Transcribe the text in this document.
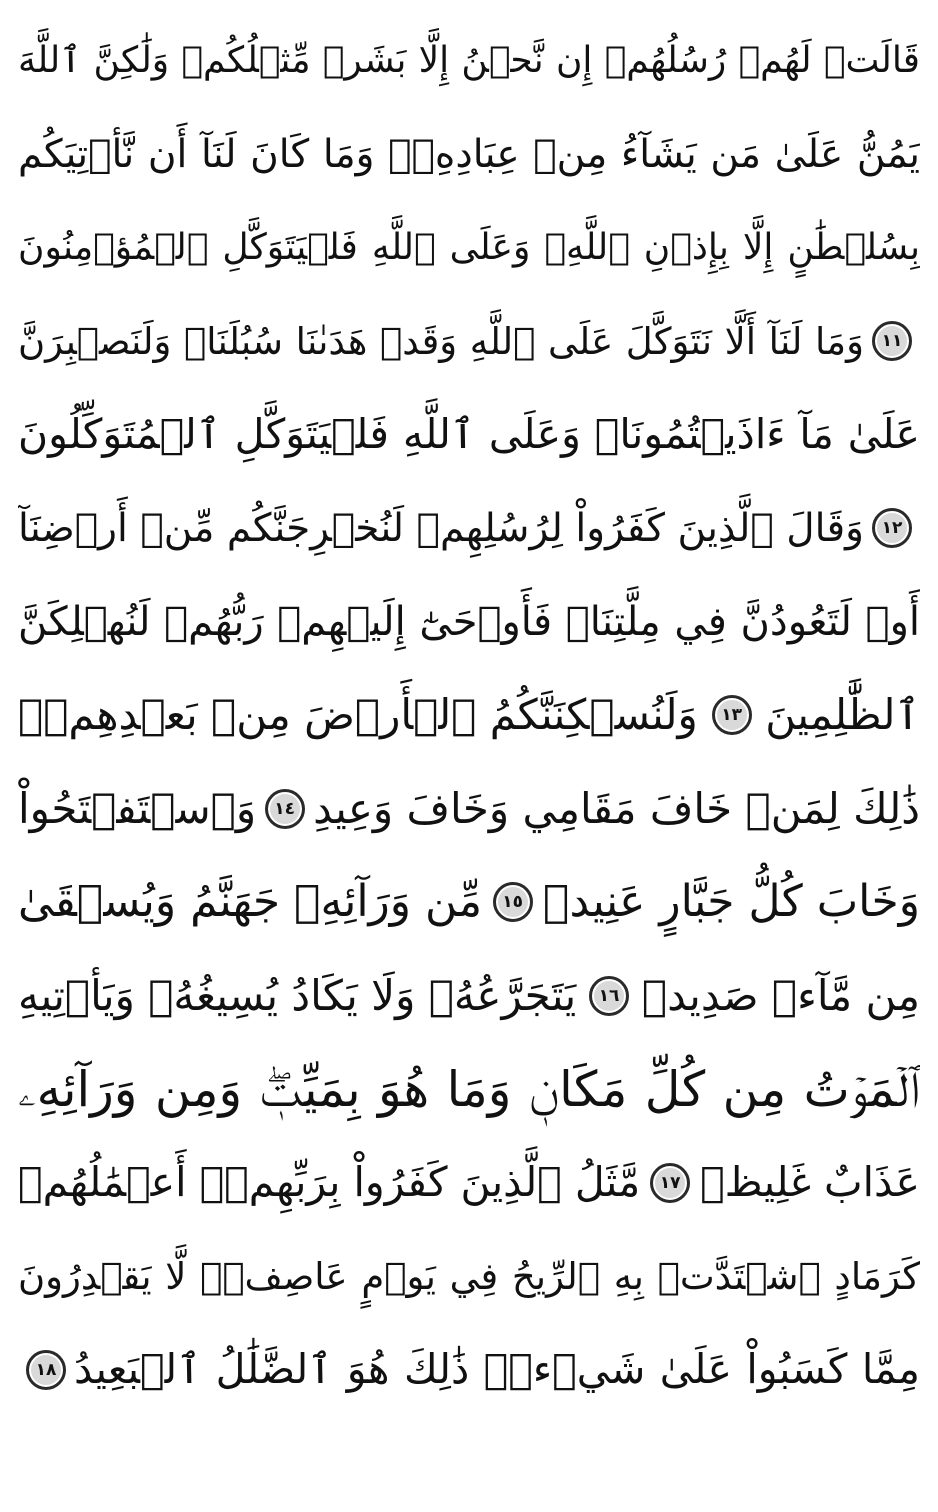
قَالَتۡ لَهُمۡ رُسُلُهُمۡ إِن نَّحۡنُ إِلَّا بَشَرٞ مِّثۡلُكُمۡ وَلَٰكِنَّ ٱللَّهَ
يَمُنُّ عَلَىٰ مَن يَشَآءُ مِنۡ عِبَادِهِۦۖ وَمَا كَانَ لَنَآ أَن نَّأۡتِيَكُم
بِسُلۡطَٰنٍ إِلَّا بِإِذۡنِ ٱللَّهِۚ وَعَلَى ٱللَّهِ فَلۡيَتَوَكَّلِ ٱلۡمُؤۡمِنُونَ
١١
وَمَا لَنَآ أَلَّا نَتَوَكَّلَ عَلَى ٱللَّهِ وَقَدۡ هَدَىٰنَا سُبُلَنَاۚ وَلَنَصۡبِرَنَّ
عَلَىٰ مَآ ءَاذَيۡتُمُونَاۚ وَعَلَى ٱللَّهِ فَلۡيَتَوَكَّلِ ٱلۡمُتَوَكِّلُونَ
١٢
وَقَالَ ٱلَّذِينَ كَفَرُواْ لِرُسُلِهِمۡ لَنُخۡرِجَنَّكُم مِّنۡ أَرۡضِنَآ
أَوۡ لَتَعُودُنَّ فِي مِلَّتِنَاۖ فَأَوۡحَىٰٓ إِلَيۡهِمۡ رَبُّهُمۡ لَنُهۡلِكَنَّ
ٱلظَّٰلِمِينَ
١٣
وَلَنُسۡكِنَنَّكُمُ ٱلۡأَرۡضَ مِنۢ بَعۡدِهِمۡۚ
ذَٰلِكَ لِمَنۡ خَافَ مَقَامِي وَخَافَ وَعِيدِ
١٤
وَٱسۡتَفۡتَحُواْ
وَخَابَ كُلُّ جَبَّارٍ عَنِيدٖ
١٥
مِّن وَرَآئِهِۦ جَهَنَّمُ وَيُسۡقَىٰ
مِن مَّآءٖ صَدِيدٖ
١٦
يَتَجَرَّعُهُۥ وَلَا يَكَادُ يُسِيغُهُۥ وَيَأۡتِيهِ
ٱلۡمَوۡتُ مِن كُلِّ مَكَانٖ وَمَا هُوَ بِمَيِّتٖۖ وَمِن وَرَآئِهِۦ
عَذَابٌ غَلِيظٞ
١٧
مَّثَلُ ٱلَّذِينَ كَفَرُواْ بِرَبِّهِمۡۖ أَعۡمَٰلُهُمۡ
كَرَمَادٍ ٱشۡتَدَّتۡ بِهِ ٱلرِّيحُ فِي يَوۡمٍ عَاصِفٖۖ لَّا يَقۡدِرُونَ
مِمَّا كَسَبُواْ عَلَىٰ شَيۡءٖۚ ذَٰلِكَ هُوَ ٱلضَّلَٰلُ ٱلۡبَعِيدُ
١٨
